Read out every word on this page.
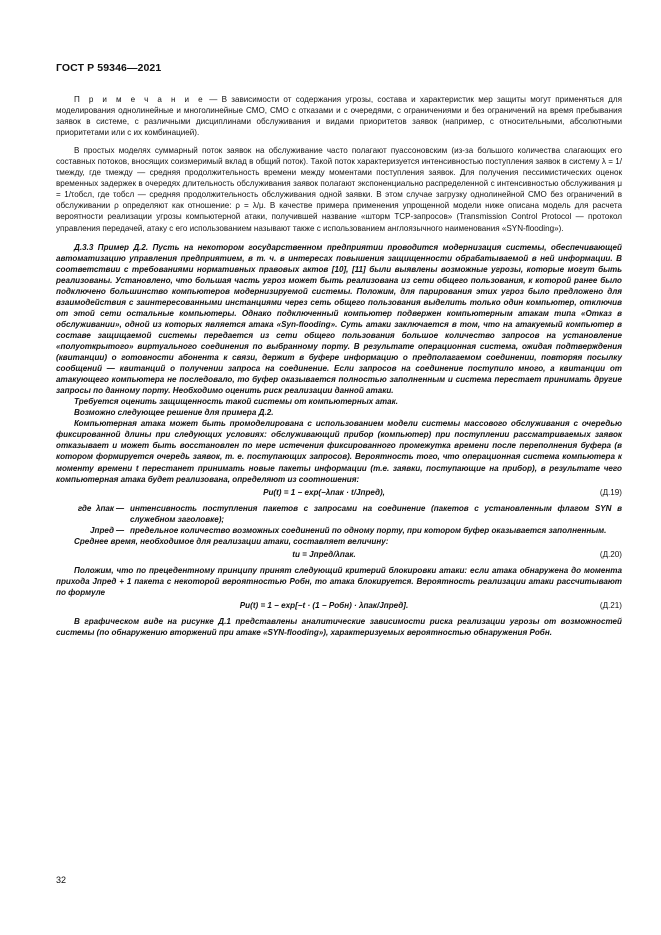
ГОСТ Р 59346—2021

П р и м е ч а н и е — В зависимости от содержания угрозы, состава и характеристик мер защиты могут применяться для моделирования однолинейные и многолинейные СМО, СМО с отказами и с очередями, с ограничениями и без ограничений на время пребывания заявок в системе, с различными дисциплинами обслуживания и видами приоритетов заявок (например, с относительными, абсолютными приоритетами или с их комбинацией).

В простых моделях суммарный поток заявок на обслуживание часто полагают пуассоновским (из-за большого количества слагающих его составных потоков, вносящих соизмеримый вклад в общий поток). Такой поток характеризуется интенсивностью поступления заявок в систему λ = 1/τмежду, где τмежду — средняя продолжительность времени между моментами поступления заявок. Для получения пессимистических оценок временных задержек в очередях длительность обслуживания заявок полагают экспоненциально распределенной с интенсивностью обслуживания μ = 1/τобсл, где τобсл — средняя продолжительность обслуживания одной заявки. В этом случае загрузку однолинейной СМО без ограничений в обслуживании ρ определяют как отношение: ρ = λ/μ. В качестве примера применения упрощенной модели ниже описана модель для расчета вероятности реализации угрозы компьютерной атаки, получившей название «шторм TCP-запросов» (Transmission Control Protocol — протокол управления передачей, атаку с его использованием называют также с использованием англоязычного наименования «SYN-flooding»).

Д.3.3 Пример Д.2. Пусть на некотором государственном предприятии проводится модернизация системы, обеспечивающей автоматизацию управления предприятием, в т. ч. в интересах повышения защищенности обрабатываемой в ней информации. В соответствии с требованиями нормативных правовых актов [10], [11] были выявлены возможные угрозы, которые могут быть реализованы. Установлено, что большая часть угроз может быть реализована из сети общего пользования, к которой ранее было подключено большинство компьютеров модернизируемой системы. Положим, для парирования этих угроз было предложено для взаимодействия с заинтересованными инстанциями через сеть общего пользования выделить только один компьютер, отключив от этой сети остальные компьютеры. Однако подключенный компьютер подвержен компьютерным атакам типа «Отказ в обслуживании», одной из которых является атака «Syn-flooding». Суть атаки заключается в том, что на атакуемый компьютер в составе защищаемой системы передается из сети общего пользования большое количество запросов на установление «полуоткрытого» виртуального соединения по выбранному порту. В результате операционная система, ожидая подтверждения (квитанции) о готовности абонента к связи, держит в буфере информацию о предполагаемом соединении, повторяя посылку сообщений — квитанций о получении запроса на соединение. Если запросов на соединение поступило много, а квитанции от атакующего компьютера не последовало, то буфер оказывается полностью заполненным и система перестает принимать другие запросы по данному порту. Необходимо оценить риск реализации данной атаки.

Требуется оценить защищенность такой системы от компьютерных атак.

Возможно следующее решение для примера Д.2.

Компьютерная атака может быть промоделирована с использованием модели системы массового обслуживания с очередью фиксированной длины при следующих условиях: обслуживающий прибор (компьютер) при поступлении рассматриваемых заявок отказывает и может быть восстановлен по мере истечения фиксированного промежутка времени после переполнения буфера (в котором формируется очередь заявок, т. е. поступающих запросов). Вероятность того, что операционная система компьютера к моменту времени t перестанет принимать новые пакеты информации (т.е. заявки, поступающие на прибор), в результате чего компьютерная атака будет реализована, определяют из соотношения:

Pu(t) = 1 − exp(−λпак · t/Jпред),	(Д.19)
где λпак — интенсивность поступления пакетов с запросами на соединение (пакетов с установленным флагом SYN в служебном заголовке);
Jпред — предельное количество возможных соединений по одному порту, при котором буфер оказывается заполненным.

Среднее время, необходимое для реализации атаки, составляет величину:

tu = Jпред/λпак.	(Д.20)

Положим, что по прецедентному принципу принят следующий критерий блокировки атаки: если атака обнаружена до момента прихода Jпред + 1 пакета с некоторой вероятностью Pобн, то атака блокируется. Вероятность реализации атаки рассчитывают по формуле

Pu(t) = 1 − exp[−t · (1 − Pобн) · λпак/Jпред].	(Д.21)

В графическом виде на рисунке Д.1 представлены аналитические зависимости риска реализации угрозы от возможностей системы (по обнаружению вторжений при атаке «SYN-flooding»), характеризуемых вероятностью обнаружения Pобн.

32
